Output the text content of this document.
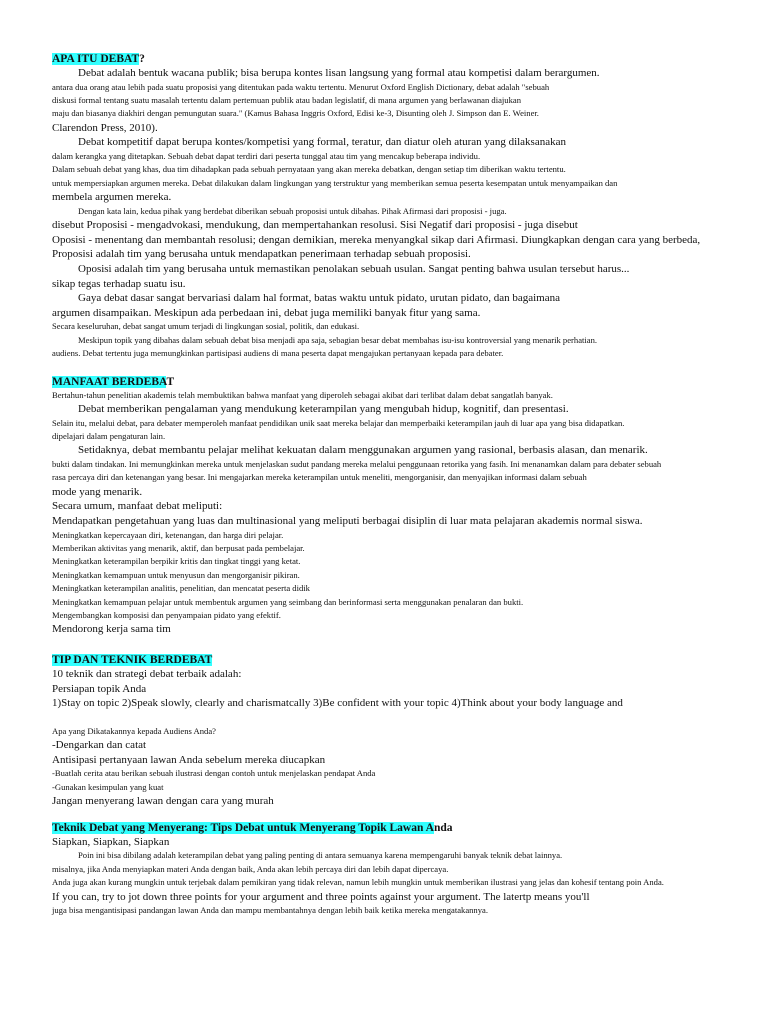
APA ITU DEBAT?

Debat adalah bentuk wacana publik; bisa berupa kontes lisan langsung yang formal atau kompetisi dalam berargumen.

antara dua orang atau lebih pada suatu proposisi yang ditentukan pada waktu tertentu. Menurut Oxford English Dictionary, debat adalah "sebuah

diskusi formal tentang suatu masalah tertentu dalam pertemuan publik atau badan legislatif, di mana argumen yang berlawanan diajukan

maju dan biasanya diakhiri dengan pemungutan suara." (Kamus Bahasa Inggris Oxford, Edisi ke-3, Disunting oleh J. Simpson dan E. Weiner.

Clarendon Press, 2010).

Debat kompetitif dapat berupa kontes/kompetisi yang formal, teratur, dan diatur oleh aturan yang dilaksanakan

dalam kerangka yang ditetapkan. Sebuah debat dapat terdiri dari peserta tunggal atau tim yang mencakup beberapa individu.

Dalam sebuah debat yang khas, dua tim dihadapkan pada sebuah pernyataan yang akan mereka debatkan, dengan setiap tim diberikan waktu tertentu.

untuk mempersiapkan argumen mereka. Debat dilakukan dalam lingkungan yang terstruktur yang memberikan semua peserta kesempatan untuk menyampaikan dan

membela argumen mereka.

Dengan kata lain, kedua pihak yang berdebat diberikan sebuah proposisi untuk dibahas. Pihak Afirmasi dari proposisi - juga.

disebut Proposisi - mengadvokasi, mendukung, dan mempertahankan resolusi. Sisi Negatif dari proposisi - juga disebut

Oposisi - menentang dan membantah resolusi; dengan demikian, mereka menyangkal sikap dari Afirmasi. Diungkapkan dengan cara yang berbeda,

Proposisi adalah tim yang berusaha untuk mendapatkan penerimaan terhadap sebuah proposisi.

Oposisi adalah tim yang berusaha untuk memastikan penolakan sebuah usulan. Sangat penting bahwa usulan tersebut harus...

sikap tegas terhadap suatu isu.

Gaya debat dasar sangat bervariasi dalam hal format, batas waktu untuk pidato, urutan pidato, dan bagaimana

argumen disampaikan. Meskipun ada perbedaan ini, debat juga memiliki banyak fitur yang sama.

Secara keseluruhan, debat sangat umum terjadi di lingkungan sosial, politik, dan edukasi.

Meskipun topik yang dibahas dalam sebuah debat bisa menjadi apa saja, sebagian besar debat membahas isu-isu kontroversial yang menarik perhatian.

audiens. Debat tertentu juga memungkinkan partisipasi audiens di mana peserta dapat mengajukan pertanyaan kepada para debater.

MANFAAT BERDEBAT

Bertahun-tahun penelitian akademis telah membuktikan bahwa manfaat yang diperoleh sebagai akibat dari terlibat dalam debat sangatlah banyak.

Debat memberikan pengalaman yang mendukung keterampilan yang mengubah hidup, kognitif, dan presentasi.

Selain itu, melalui debat, para debater memperoleh manfaat pendidikan unik saat mereka belajar dan memperbaiki keterampilan jauh di luar apa yang bisa didapatkan.

dipelajari dalam pengaturan lain.

Setidaknya, debat membantu pelajar melihat kekuatan dalam menggunakan argumen yang rasional, berbasis alasan, dan menarik.

bukti dalam tindakan. Ini memungkinkan mereka untuk menjelaskan sudut pandang mereka melalui penggunaan retorika yang fasih. Ini menanamkan dalam para debater sebuah

rasa percaya diri dan ketenangan yang besar. Ini mengajarkan mereka keterampilan untuk meneliti, mengorganisir, dan menyajikan informasi dalam sebuah

mode yang menarik.

Secara umum, manfaat debat meliputi:

Mendapatkan pengetahuan yang luas dan multinasional yang meliputi berbagai disiplin di luar mata pelajaran akademis normal siswa.

Meningkatkan kepercayaan diri, ketenangan, dan harga diri pelajar.

Memberikan aktivitas yang menarik, aktif, dan berpusat pada pembelajar.

Meningkatkan keterampilan berpikir kritis dan tingkat tinggi yang ketat.

Meningkatkan kemampuan untuk menyusun dan mengorganisir pikiran.

Meningkatkan keterampilan analitis, penelitian, dan mencatat peserta didik

Meningkatkan kemampuan pelajar untuk membentuk argumen yang seimbang dan berinformasi serta menggunakan penalaran dan bukti.

Mengembangkan komposisi dan penyampaian pidato yang efektif.

Mendorong kerja sama tim

TIP DAN TEKNIK BERDEBAT

10 teknik dan strategi debat terbaik adalah:

Persiapan topik Anda

1)Stay on topic 2)Speak slowly, clearly and charismatcally 3)Be confident with your topic 4)Think about your body language and

Apa yang Dikatakannya kepada Audiens Anda?

-Dengarkan dan catat

Antisipasi pertanyaan lawan Anda sebelum mereka diucapkan

-Buatlah cerita atau berikan sebuah ilustrasi dengan contoh untuk menjelaskan pendapat Anda

-Gunakan kesimpulan yang kuat

Jangan menyerang lawan dengan cara yang murah

Teknik Debat yang Menyerang: Tips Debat untuk Menyerang Topik Lawan Anda

Siapkan, Siapkan, Siapkan

Poin ini bisa dibilang adalah keterampilan debat yang paling penting di antara semuanya karena mempengaruhi banyak teknik debat lainnya.

misalnya, jika Anda menyiapkan materi Anda dengan baik, Anda akan lebih percaya diri dan lebih dapat dipercaya.

Anda juga akan kurang mungkin untuk terjebak dalam pemikiran yang tidak relevan, namun lebih mungkin untuk memberikan ilustrasi yang jelas dan kohesif tentang poin Anda.

If you can, try to jot down three points for your argument and three points against your argument. The latertp means you'll

juga bisa mengantisipasi pandangan lawan Anda dan mampu membantahnya dengan lebih baik ketika mereka mengatakannya.
